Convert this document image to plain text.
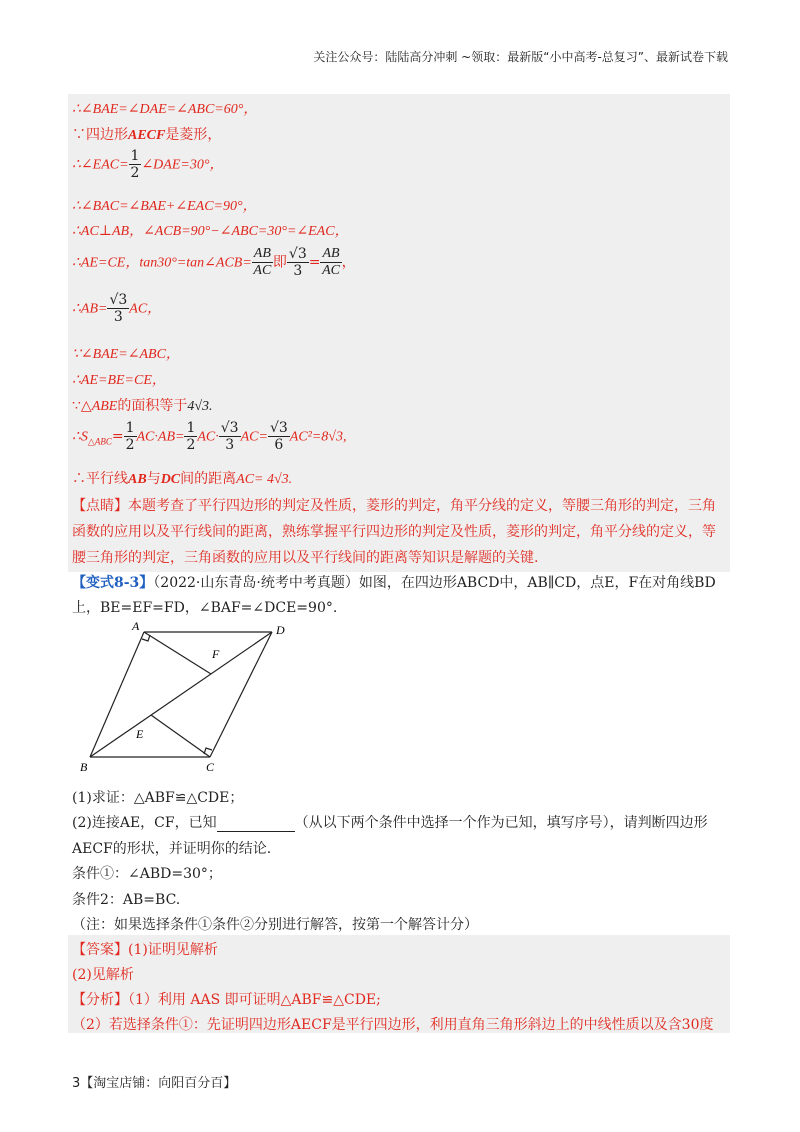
关注公众号：陆陆高分冲刺 ~领取：最新版“小中高考-总复习”、最新试卷下载
∴∠BAE=∠DAE=∠ABC=60°，
∵四边形AECF是菱形，
∴∠EAC= $\frac{1}{2}$ ∠DAE=30°，
∴∠BAC=∠BAE+∠EAC=90°，
∴AC⊥AB，∠ACB=90°−∠ABC=30°=∠EAC，
∴AE=CE，tan30°=tan∠ACB= $\frac{AB}{AC}$ 即 $\frac{√3}{3} = \frac{AB}{AC}$ ，
∴AB= $\frac{√3}{3}$ AC，
∵∠BAE=∠ABC，
∴AE=BE=CE，
∵△ABE的面积等于4√3.
$\therefore S_{\triangle ABC}= \frac{1}{2} AC\cdot AB= \frac{1}{2} AC\cdot \frac{√3}{3} AC= \frac{√3}{6} AC^2=8√3$,
∴平行线AB与DC间的距离AC= 4√3.
【点睛】本题考查了平行四边形的判定及性质，菱形的判定，角平分线的定义，等腰三角形的判定，三角
函数的应用以及平行线间的距离，熟练掌握平行四边形的判定及性质，菱形的判定，角平分线的定义，等
腰三角形的判定，三角函数的应用以及平行线间的距离等知识是解题的关键.
【变式8-3】（2022·山东青岛·统考中考真题）如图，在四边形ABCD中，AB∥CD，点E，F在对角线BD
上，BE=EF=FD，∠BAF=∠DCE=90°.
A	D
F
E
B	C
(1)求证：△ABF≌△CDE；
(2)连接AE，CF，已知	（从以下两个条件中选择一个作为已知，填写序号），请判断四边形
AECF的形状，并证明你的结论.
条件①：∠ABD=30°；
条件2：AB=BC.
（注：如果选择条件①条件②分别进行解答，按第一个解答计分）
【答案】(1)证明见解析
(2)见解析
【分析】（1）利用 AAS 即可证明△ABF≌△CDE;
（2）若选择条件①：先证明四边形AECF是平行四边形，利用直角三角形斜边上的中线性质以及含30度
3【淘宝店铺：向阳百分百】
